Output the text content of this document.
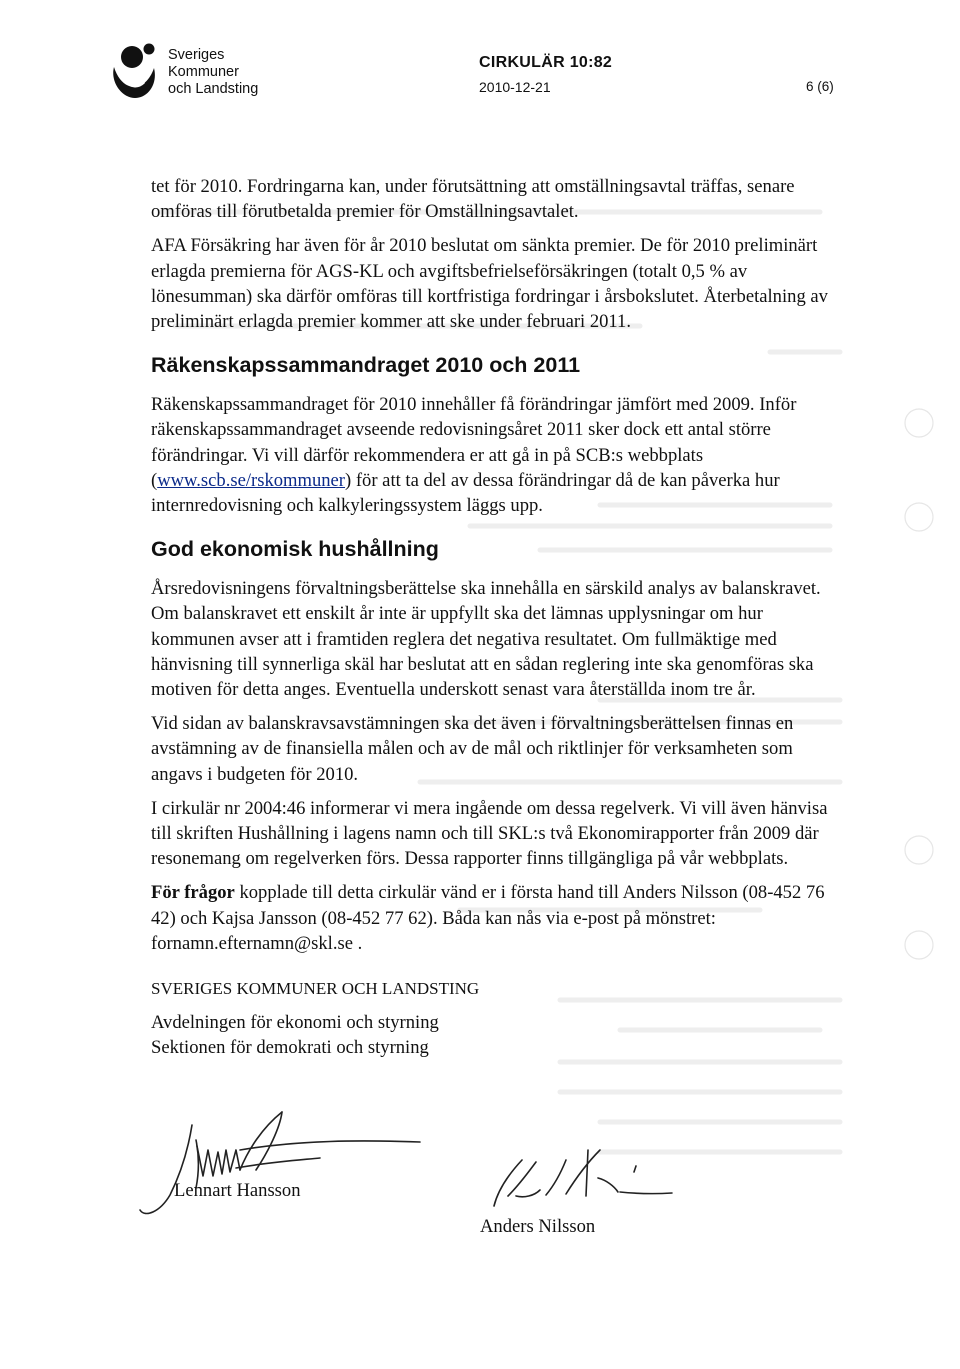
Sveriges
Kommuner
och Landsting
CIRKULÄR 10:82
2010-12-21	6 (6)

tet för 2010. Fordringarna kan, under förutsättning att omställningsavtal träffas, senare omföras till förutbetalda premier för Omställningsavtalet.

AFA Försäkring har även för år 2010 beslutat om sänkta premier. De för 2010 preliminärt erlagda premierna för AGS-KL och avgiftsbefrielseförsäkringen (totalt 0,5 % av lönesumman) ska därför omföras till kortfristiga fordringar i årsbokslutet. Återbetalning av preliminärt erlagda premier kommer att ske under februari 2011.

Räkenskapssammandraget 2010 och 2011

Räkenskapssammandraget för 2010 innehåller få förändringar jämfört med 2009. Inför räkenskapssammandraget avseende redovisningsåret 2011 sker dock ett antal större förändringar. Vi vill därför rekommendera er att gå in på SCB:s webbplats (www.scb.se/rskommuner) för att ta del av dessa förändringar då de kan påverka hur internredovisning och kalkyleringssystem läggs upp.

God ekonomisk hushållning

Årsredovisningens förvaltningsberättelse ska innehålla en särskild analys av balanskravet. Om balanskravet ett enskilt år inte är uppfyllt ska det lämnas upplysningar om hur kommunen avser att i framtiden reglera det negativa resultatet. Om fullmäktige med hänvisning till synnerliga skäl har beslutat att en sådan reglering inte ska genomföras ska motiven för detta anges. Eventuella underskott senast vara återställda inom tre år.

Vid sidan av balanskravsavstämningen ska det även i förvaltningsberättelsen finnas en avstämning av de finansiella målen och av de mål och riktlinjer för verksamheten som angavs i budgeten för 2010.

I cirkulär nr 2004:46 informerar vi mera ingående om dessa regelverk. Vi vill även hänvisa till skriften Hushållning i lagens namn och till SKL:s två Ekonomirapporter från 2009 där resonemang om regelverken förs. Dessa rapporter finns tillgängliga på vår webbplats.

För frågor kopplade till detta cirkulär vänd er i första hand till Anders Nilsson (08-452 76 42) och Kajsa Jansson (08-452 77 62). Båda kan nås via e-post på mönstret: fornamn.efternamn@skl.se .

SVERIGES KOMMUNER OCH LANDSTING

Avdelningen för ekonomi och styrning

Sektionen för demokrati och styrning

Lennart Hansson
Anders Nilsson
